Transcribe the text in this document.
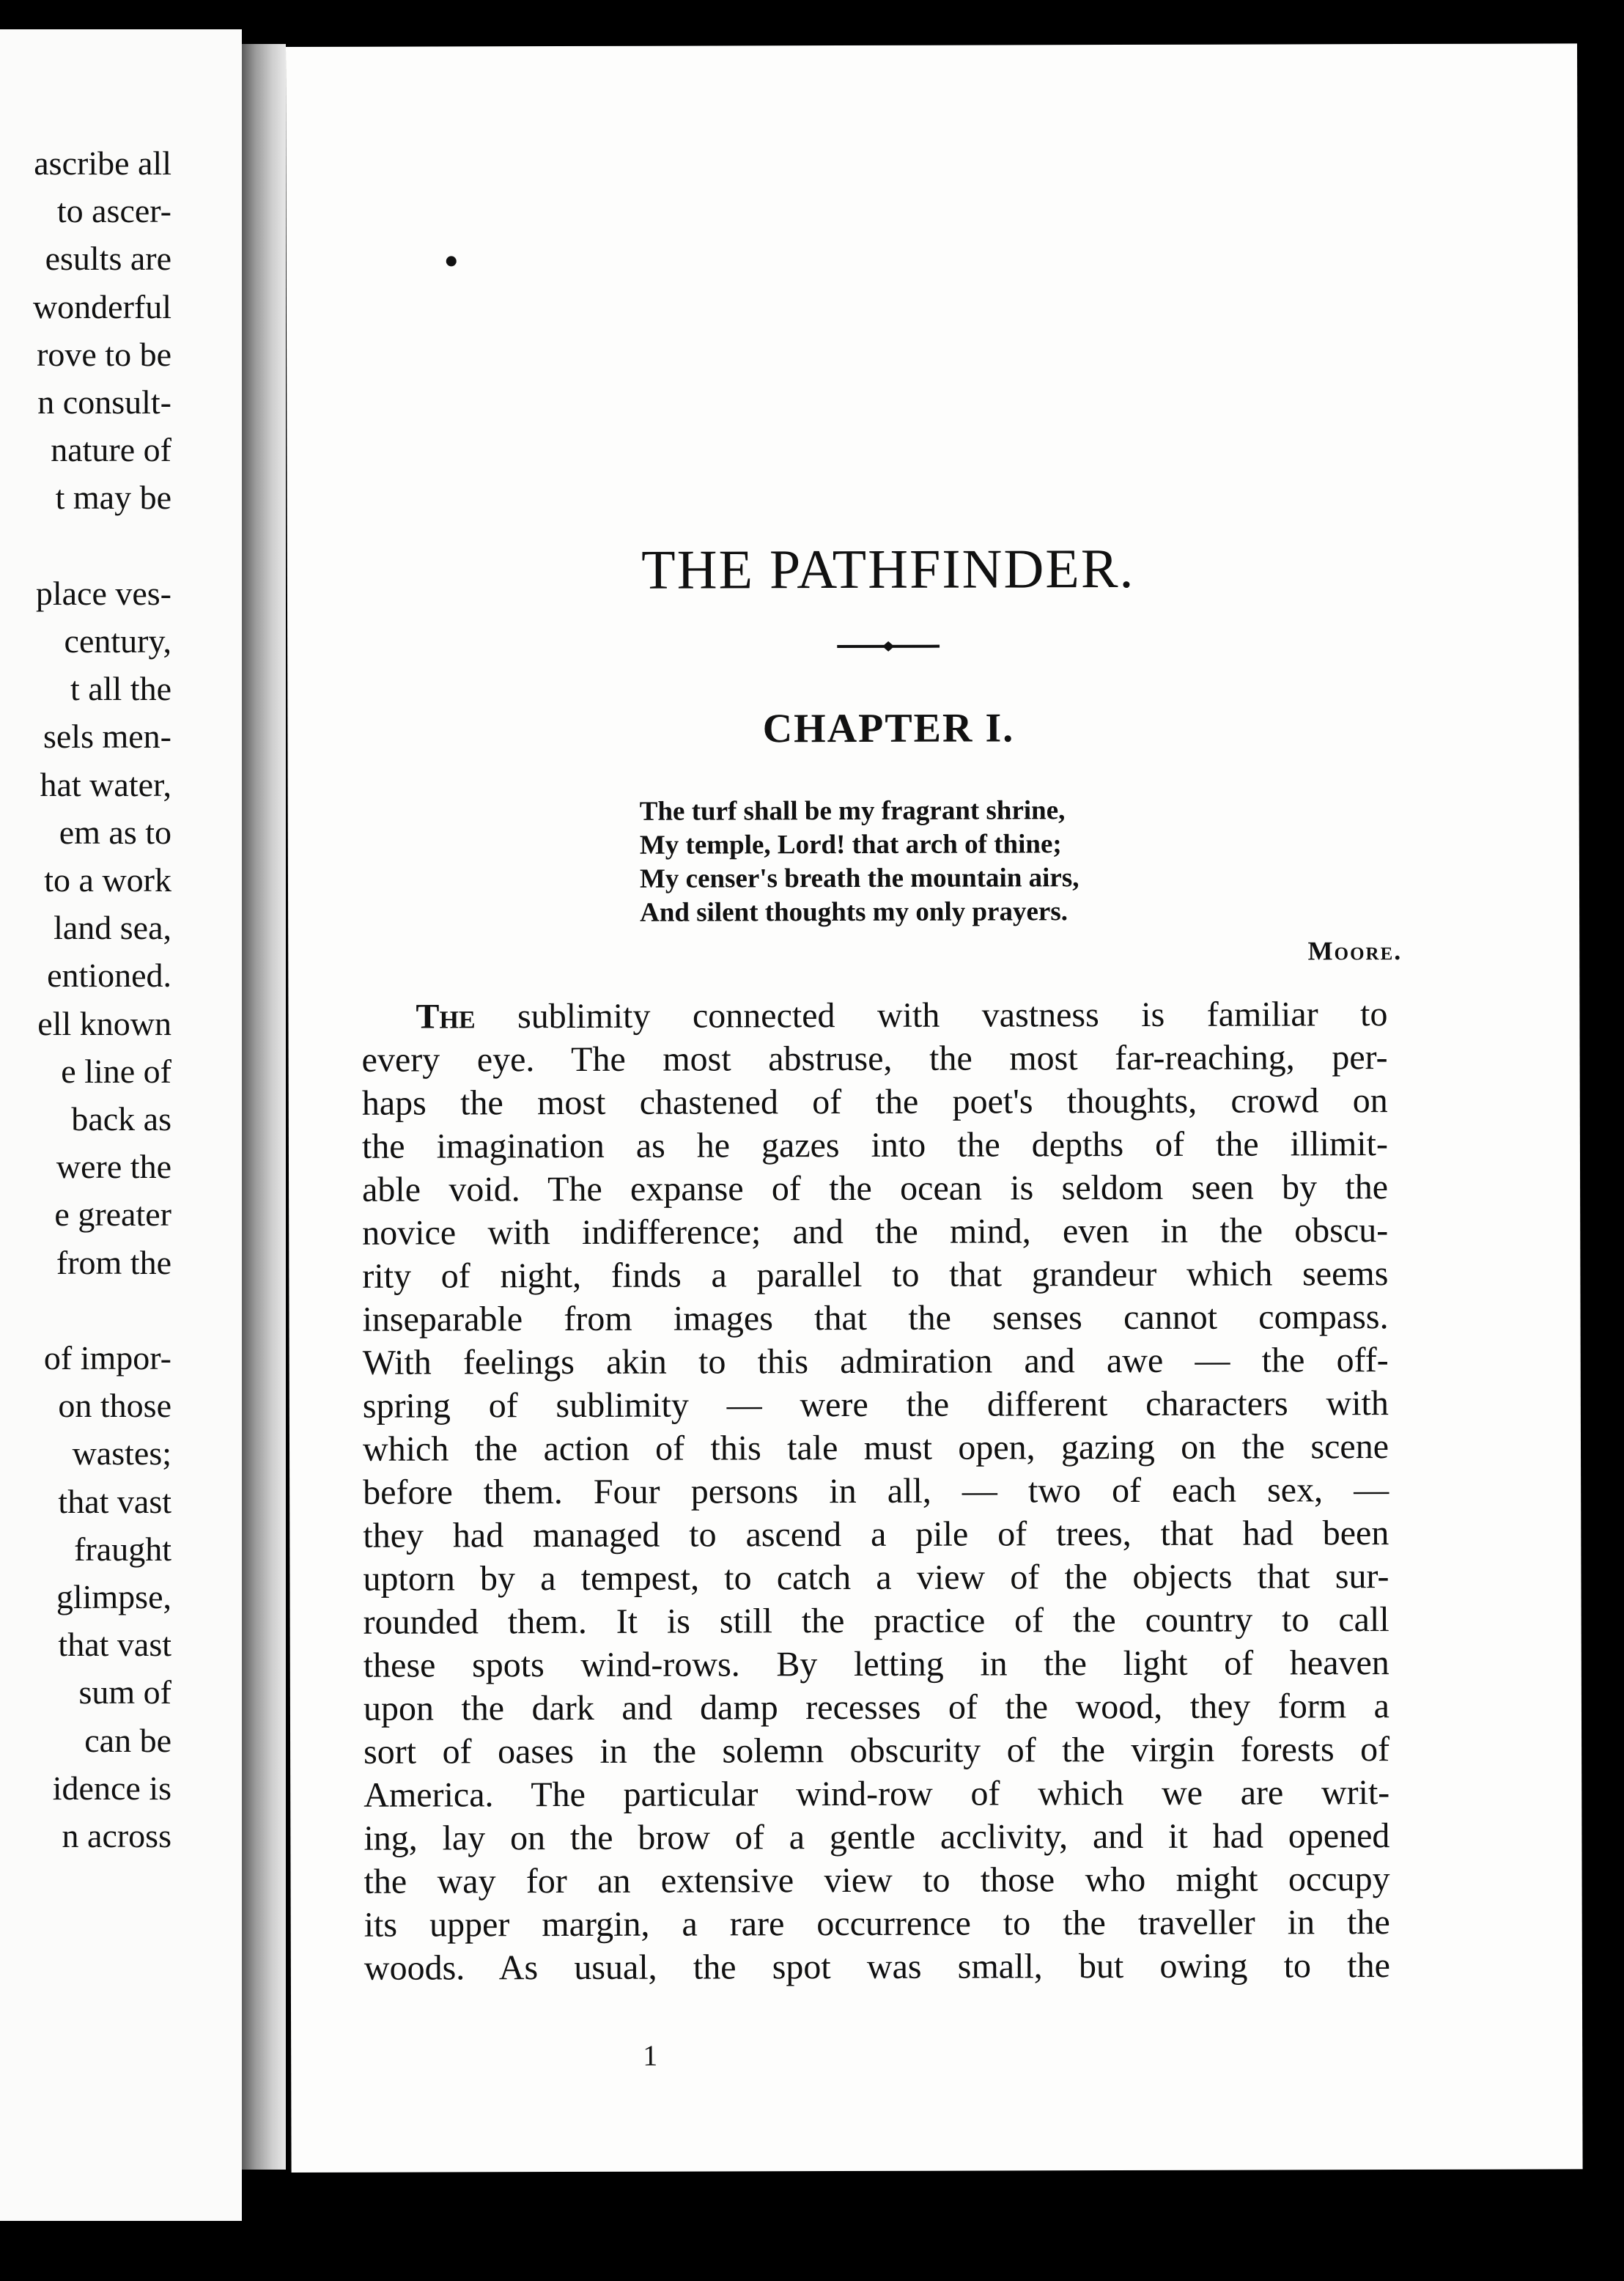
ascribe all
to ascer-
esults are
wonderful
rove to be
n consult-
nature of
t may be
place ves-
century,
t all the
sels men-
hat water,
em as to
to a work
land sea,
entioned.
ell known
e line of
back as
were the
e greater
from the
of impor-
on those
wastes;
that vast
fraught
glimpse,
that vast
sum of
can be
idence is
n across
THE PATHFINDER.
CHAPTER I.
The turf shall be my fragrant shrine,
My temple, Lord! that arch of thine;
My censer's breath the mountain airs,
And silent thoughts my only prayers.
Moore.
The sublimity connected with vastness is familiar to
every eye. The most abstruse, the most far-reaching, per-
haps the most chastened of the poet's thoughts, crowd on
the imagination as he gazes into the depths of the illimit-
able void. The expanse of the ocean is seldom seen by the
novice with indifference; and the mind, even in the obscu-
rity of night, finds a parallel to that grandeur which seems
inseparable from images that the senses cannot compass.
With feelings akin to this admiration and awe — the off-
spring of sublimity — were the different characters with
which the action of this tale must open, gazing on the scene
before them. Four persons in all, — two of each sex, —
they had managed to ascend a pile of trees, that had been
uptorn by a tempest, to catch a view of the objects that sur-
rounded them. It is still the practice of the country to call
these spots wind-rows. By letting in the light of heaven
upon the dark and damp recesses of the wood, they form a
sort of oases in the solemn obscurity of the virgin forests of
America. The particular wind-row of which we are writ-
ing, lay on the brow of a gentle acclivity, and it had opened
the way for an extensive view to those who might occupy
its upper margin, a rare occurrence to the traveller in the
woods. As usual, the spot was small, but owing to the
1
